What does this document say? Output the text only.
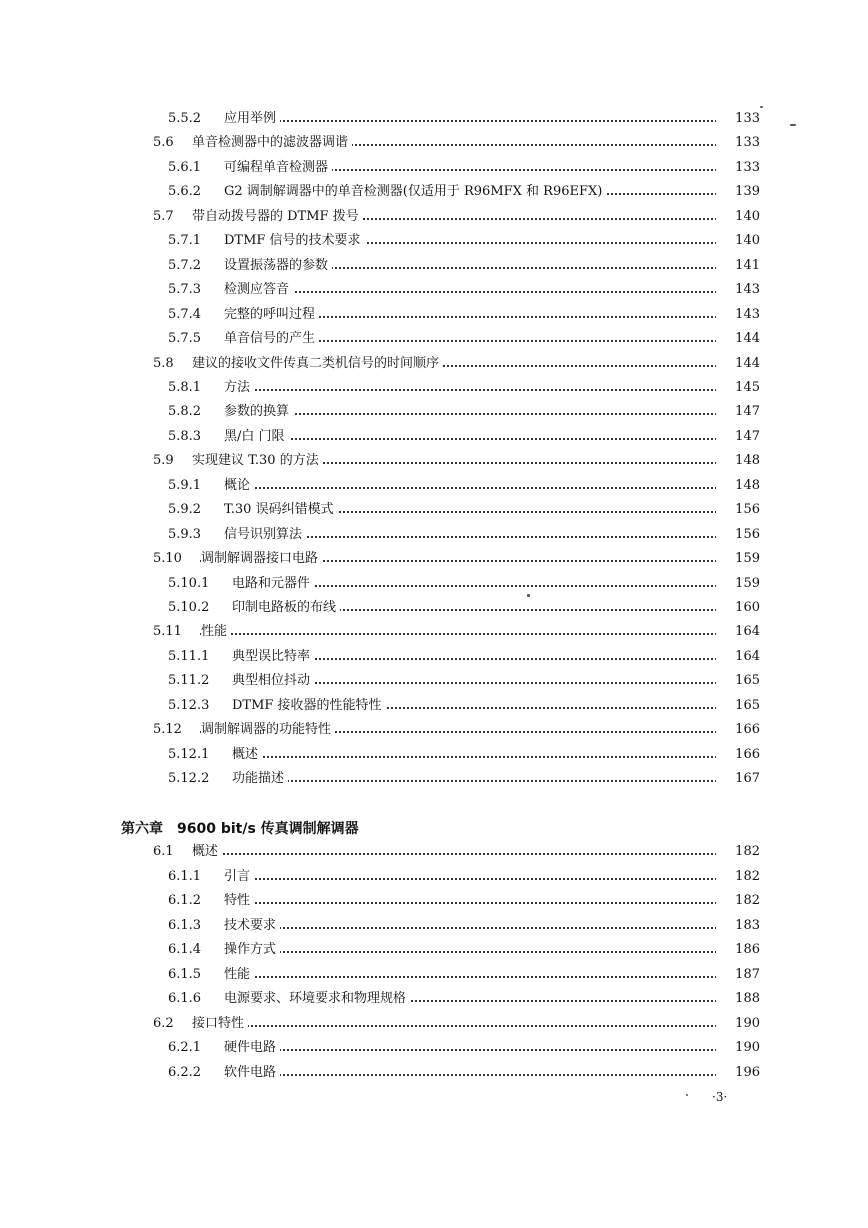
5.5.2 应用举例	133
5.6 单音检测器中的滤波器调谐	133
5.6.1 可编程单音检测器	133
5.6.2 G2 调制解调器中的单音检测器(仅适用于 R96MFX 和 R96EFX)	139
5.7 带自动拨号器的 DTMF 拨号	140
5.7.1 DTMF 信号的技术要求	140
5.7.2 设置振荡器的参数	141
5.7.3 检测应答音	143
5.7.4 完整的呼叫过程	143
5.7.5 单音信号的产生	144
5.8 建议的接收文件传真二类机信号的时间顺序	144
5.8.1 方法	145
5.8.2 参数的换算	147
5.8.3 黑/白 门限	147
5.9 实现建议 T.30 的方法	148
5.9.1 概论	148
5.9.2 T.30 误码纠错模式	156
5.9.3 信号识别算法	156
5.10 调制解调器接口电路	159
5.10.1 电路和元器件	159
5.10.2 印制电路板的布线	160
5.11 性能	164
5.11.1 典型误比特率	164
5.11.2 典型相位抖动	165
5.12.3 DTMF 接收器的性能特性	165
5.12 调制解调器的功能特性	166
5.12.1 概述	166
5.12.2 功能描述	167
6.1 概述	182
6.1.1 引言	182
6.1.2 特性	182
6.1.3 技术要求	183
6.1.4 操作方式	186
6.1.5 性能	187
6.1.6 电源要求、环境要求和物理规格	188
6.2 接口特性	190
6.2.1 硬件电路	190
6.2.2 软件电路	196
第六章 9600 bit/s 传真调制解调器
·3·
